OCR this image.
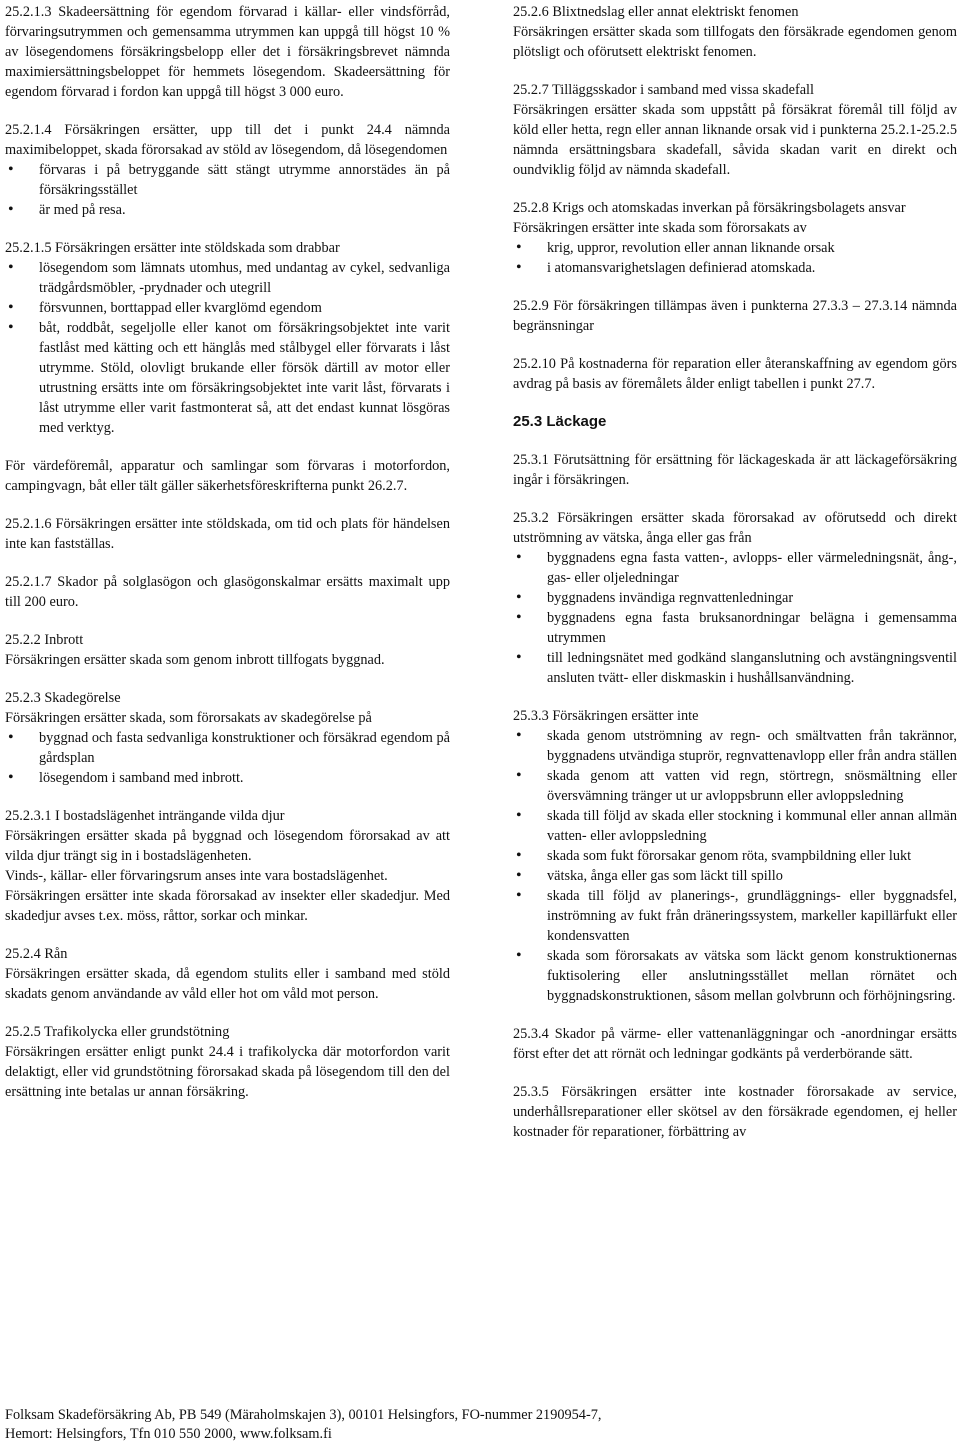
25.2.1.3 Skadeersättning för egendom förvarad i källar- eller vindsförråd, förvaringsutrymmen och gemensamma utrymmen kan uppgå till högst 10 % av lösegendomens försäkringsbelopp eller det i försäkringsbrevet nämnda maximiersättningsbeloppet för hemmets lösegendom. Skadeersättning för egendom förvarad i fordon kan uppgå till högst 3 000 euro.

25.2.1.4 Försäkringen ersätter, upp till det i punkt 24.4 nämnda maximibeloppet, skada förorsakad av stöld av lösegendom, då lösegendomen

• förvaras i på betryggande sätt stängt utrymme annorstädes än på försäkringsstället
• är med på resa.

25.2.1.5 Försäkringen ersätter inte stöldskada som drabbar

• lösegendom som lämnats utomhus, med undantag av cykel, sedvanliga trädgårdsmöbler, -prydnader och utegrill
• försvunnen, borttappad eller kvarglömd egendom
• båt, roddbåt, segeljolle eller kanot om försäkringsobjektet inte varit fastlåst med kätting och ett hänglås med stålbygel eller förvarats i låst utrymme. Stöld, olovligt brukande eller försök därtill av motor eller utrustning ersätts inte om försäkringsobjektet inte varit låst, förvarats i låst utrymme eller varit fastmonterat så, att det endast kunnat lösgöras med verktyg.

För värdeföremål, apparatur och samlingar som förvaras i motorfordon, campingvagn, båt eller tält gäller säkerhetsföreskrifterna punkt 26.2.7.

25.2.1.6 Försäkringen ersätter inte stöldskada, om tid och plats för händelsen inte kan fastställas.

25.2.1.7 Skador på solglasögon och glasögonskalmar ersätts maximalt upp till 200 euro.

25.2.2 Inbrott

Försäkringen ersätter skada som genom inbrott tillfogats byggnad.

25.2.3 Skadegörelse

Försäkringen ersätter skada, som förorsakats av skadegörelse på

• byggnad och fasta sedvanliga konstruktioner och försäkrad egendom på gårdsplan
• lösegendom i samband med inbrott.

25.2.3.1 I bostadslägenhet inträngande vilda djur

Försäkringen ersätter skada på byggnad och lösegendom förorsakad av att vilda djur trängt sig in i bostadslägenheten.

Vinds-, källar- eller förvaringsrum anses inte vara bostadslägenhet.

Försäkringen ersätter inte skada förorsakad av insekter eller skadedjur. Med skadedjur avses t.ex. möss, råttor, sorkar och minkar.

25.2.4 Rån

Försäkringen ersätter skada, då egendom stulits eller i samband med stöld skadats genom användande av våld eller hot om våld mot person.

25.2.5 Trafikolycka eller grundstötning

Försäkringen ersätter enligt punkt 24.4 i trafikolycka där motorfordon varit delaktigt, eller vid grundstötning förorsakad skada på lösegendom till den del ersättning inte betalas ur annan försäkring.

25.2.6 Blixtnedslag eller annat elektriskt fenomen

Försäkringen ersätter skada som tillfogats den försäkrade egendomen genom plötsligt och oförutsett elektriskt fenomen.

25.2.7 Tilläggsskador i samband med vissa skadefall

Försäkringen ersätter skada som uppstått på försäkrat föremål till följd av köld eller hetta, regn eller annan liknande orsak vid i punkterna 25.2.1-25.2.5 nämnda ersättningsbara skadefall, såvida skadan varit en direkt och oundviklig följd av nämnda skadefall.

25.2.8 Krigs och atomskadas inverkan på försäkringsbolagets ansvar

Försäkringen ersätter inte skada som förorsakats av

• krig, uppror, revolution eller annan liknande orsak
• i atomansvarighetslagen definierad atomskada.

25.2.9 För försäkringen tillämpas även i punkterna 27.3.3 – 27.3.14 nämnda begränsningar

25.2.10 På kostnaderna för reparation eller återanskaffning av egendom görs avdrag på basis av föremålets ålder enligt tabellen i punkt 27.7.

25.3 Läckage

25.3.1 Förutsättning för ersättning för läckageskada är att läckageförsäkring ingår i försäkringen.

25.3.2 Försäkringen ersätter skada förorsakad av oförutsedd och direkt utströmning av vätska, ånga eller gas från

• byggnadens egna fasta vatten-, avlopps- eller värmeledningsnät, ång-, gas- eller oljeledningar
• byggnadens invändiga regnvattenledningar
• byggnadens egna fasta bruksanordningar belägna i gemensamma utrymmen
• till ledningsnätet med godkänd slanganslutning och avstängningsventil ansluten tvätt- eller diskmaskin i hushållsanvändning.

25.3.3 Försäkringen ersätter inte

• skada genom utströmning av regn- och smältvatten från takrännor, byggnadens utvändiga stuprör, regnvattenavlopp eller från andra ställen
• skada genom att vatten vid regn, störtregn, snösmältning eller översvämning tränger ut ur avloppsbrunn eller avloppsledning
• skada till följd av skada eller stockning i kommunal eller annan allmän vatten- eller avloppsledning
• skada som fukt förorsakar genom röta, svampbildning eller lukt
• vätska, ånga eller gas som läckt till spillo
• skada till följd av planerings-, grundläggnings- eller byggnadsfel, inströmning av fukt från dräneringssystem, markeller kapillärfukt eller kondensvatten
• skada som förorsakats av vätska som läckt genom konstruktionernas fuktisolering eller anslutningsstället mellan rörnätet och byggnadskonstruktionen, såsom mellan golvbrunn och förhöjningsring.

25.3.4 Skador på värme- eller vattenanläggningar och -anordningar ersätts först efter det att rörnät och ledningar godkänts på verderbörande sätt.

25.3.5 Försäkringen ersätter inte kostnader förorsakade av service, underhållsreparationer eller skötsel av den försäkrade egendomen, ej heller kostnader för reparationer, förbättring av

Folksam Skadeförsäkring Ab, PB 549 (Märaholmskajen 3), 00101 Helsingfors, FO-nummer 2190954-7,
Hemort: Helsingfors, Tfn 010 550 2000, www.folksam.fi
